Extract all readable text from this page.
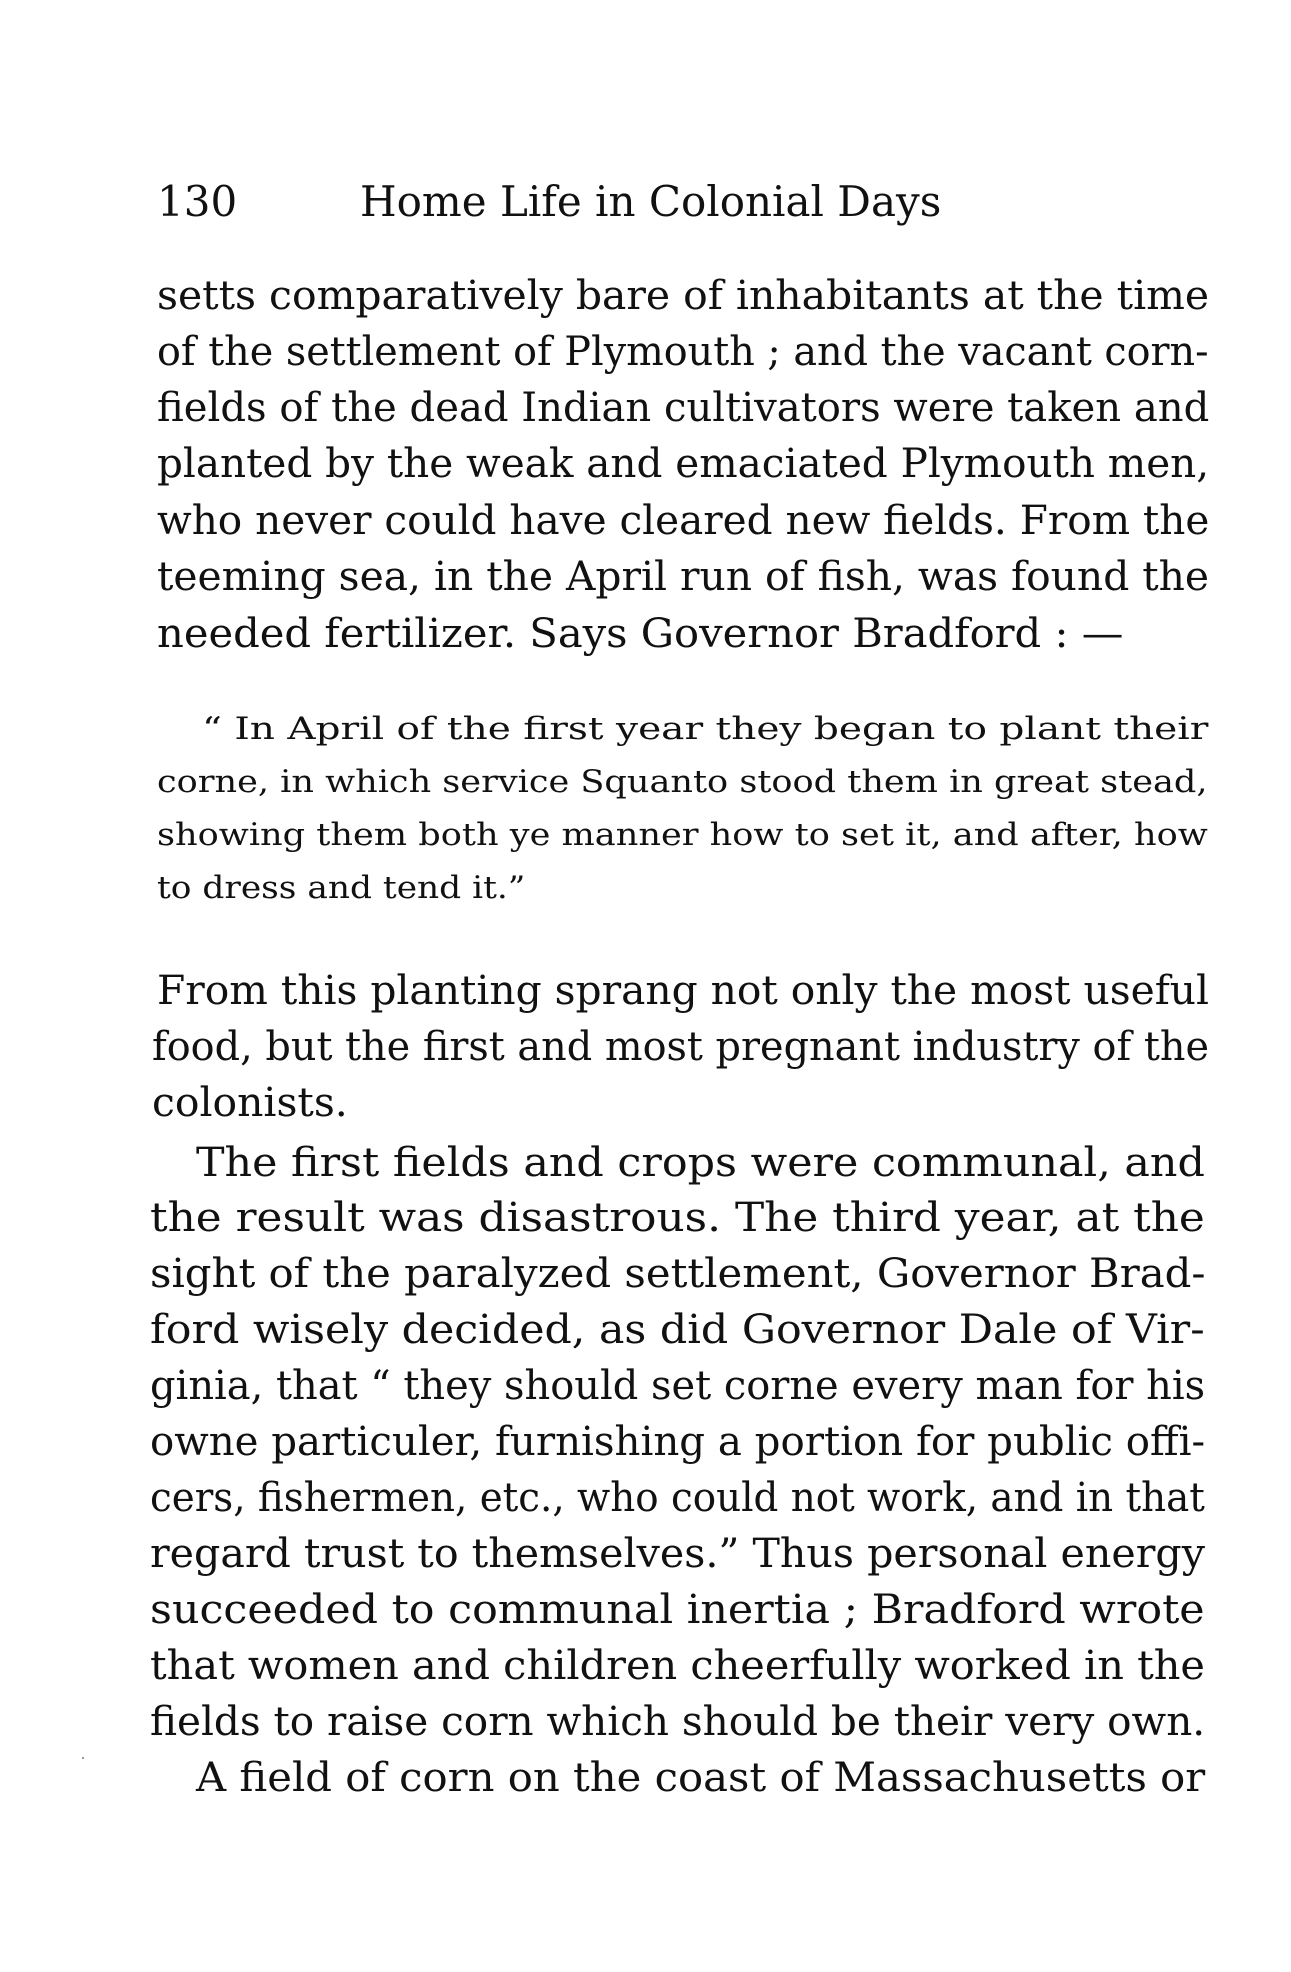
130	Home Life in Colonial Days
setts comparatively bare of inhabitants at the time
of the settlement of Plymouth ; and the vacant corn-
fields of the dead Indian cultivators were taken and
planted by the weak and emaciated Plymouth men,
who never could have cleared new fields. From the
teeming sea, in the April run of fish, was found the
needed fertilizer. Says Governor Bradford : —
“ In April of the first year they began to plant their
corne, in which service Squanto stood them in great stead,
showing them both ye manner how to set it, and after, how
to dress and tend it.”
From this planting sprang not only the most useful
food, but the first and most pregnant industry of the
colonists.
The first fields and crops were communal, and
the result was disastrous. The third year, at the
sight of the paralyzed settlement, Governor Brad-
ford wisely decided, as did Governor Dale of Vir-
ginia, that “ they should set corne every man for his
owne particuler, furnishing a portion for public offi-
cers, fishermen, etc., who could not work, and in that
regard trust to themselves.” Thus personal energy
succeeded to communal inertia ; Bradford wrote
that women and children cheerfully worked in the
fields to raise corn which should be their very own.
A field of corn on the coast of Massachusetts or
